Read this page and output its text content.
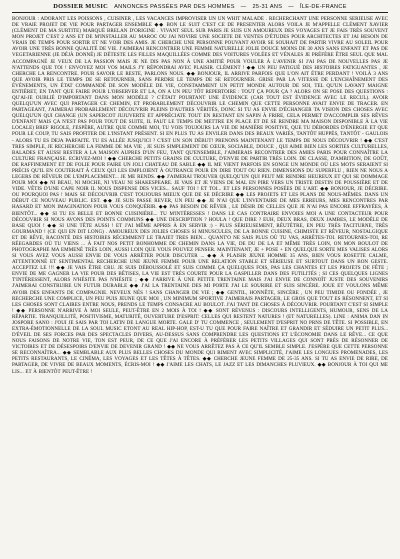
DOSSIER MUSIC ANNONCES PASSÉES PAR DES HOMMES — 25-31 ANS — ÎLE-DE-FRANCE
BONJOUR : ADORANT LES POISSONS , CUISINER , LES VACANCES IMPROVISER UN UN WHIT MALADE . RECHERCHANT UNE PERSONNE SERIEUSE AVEC DE VRAIE PROJET DE VIE POUR PARTAGER ENSEMBLE ◆◆ BON LE SUIT C'EST CE DE PRESENTER ALORS VOILA JE M'APPELLE CLÉMENT XAVIER (CLÉMENT DE MA SURTITE) MARQUÉ BRELAN D'ORIGINE . VIVANT SEUL SUR PARIS JE SUIS UN AMOUREUX DES VOYAGES ET JE FAIS TRÈS SOUVENT MON PROJET C'EST 2 ANS ET DE M'INSTALLER AU MAROC OU JAI NOVIRE UNE SOCIETE DE VENTES D'ÉTUDES POUR ARCHITECTES ET JAI BESOIN DE VRAIS DE TEMPS POUR SORTIR ET NE VOIR DES AMIS. JE CHERCHE UNE PERSONNE POUVANT AVOIR SE SOUHAIT DE PARTIR VIVRE AU SOLEIL POUR AVOIR UNE TRÈS BONNE QUALITÉ DE VIE. J'AIMERAI RENCONTRER UNE FEMME NATURELLE JOLIE DOUCE MOINS DE 30 ANS SANS ENFANT ET PAS DE VEGETARIENNE (JE DÉJÀ DONNÉ) JE DÉTESTE LES FILLES MAQUILLÉES COMME DES VOITURES VOLÉES ET VÉNALES JE PRÉFÈRE ÊTRE SEUL QUE MAL ACCOMPAGNÉ JE VEUX DE LA PASSION MAIS JE NE DIS PAS NON À UNE AMITIÉ POUR VOULER À L'AVENIR SI J'AI PAS DE NOUVELLES PAS JE N'ATTENDS QUE TOI ! ENVOYEZ MOI VOS MAILS J'Y RÉPONDRAI AVEC PLAISIR. CLÉMENT ! ◆◆ UN PEU FATIGUÉ DES HISTOIRES FATIGUANTES , JE CHERCHE LA RENCONTRE. POUR SAVOIR LE RESTE, PARLONS NOUS. ◆◆ BONJOUR, IL ARRIVE PARFOIS QUE L'ON AIT ÉTRE PERDANT ! VOILÀ 3 ANS QUE AVOIR PRIS LE TEMPS DE SE RETOURNER, SANS PERDRE LE TEMPS DE SE RETOURNER. GRISE PAR LA VITESSE DE L'ENCHAÎNEMENT DES ÉVÉNEMENTS, UN ÉTAT COMMANDÉ DE SON MODÈLE DE VIE, CONSTAMMENT UN PETIT MONDE AUTOUR DE SOI, TEL QU'UN LAVANT MAIGNE ENTIÈRET, EN TANT QUE FAIRE POUR L'OBSERVER ET LA, ON A UN PEU TÔT REPERTOIRE : TOUT ÇA POUR ÇA ? ALORS ON SE POSE DES QUESTIONS : QU'AI-JE OUBLIÉ D'IMPORTANT DANS MON MODÈLE ? C'ÉTAIT POURTANT UNE ÉVIDENCE (CAR TOUT EST ÉVIDENCE AVEC LE RECUL). AVOIR QUELQU'UN AVEC QUI PARTAGER CE CHEMIN, ET PROBABLEMENT DÉCOUVRIR LE CHEMIN QUE CETTE PERSONNE AVAIT ENVIE DE TRACER. EN PARTAGEANT, J'AIMERAI PROBABLEMENT DÉCOUVRIR PLEINS D'AUTRES VÉRITÉS, DONC SI TU AS ENVIE D'ÉCHANGER TA VISION DES CHOSES AVEC QUELQU'UN QUI CHANGE (UN SAPERCOT JUJUVERTE ET APPRÉCIATE TOUT EN RESTANT EN SAPIN À FRIRE, CELA PERMET D'ACCOMPLIR SES RÊVES D'ENFANT MAIS ÇA N'EST PAS POUR TOUT DE SUITE, IL FAUT LE TEMPS DE METTRE EN PLACE ET DE SE RENDRE MA MAISON DISPONIBLE À LA VIE LOCALE) BREF RIGOLE, J'ESPÈRE, AUTRE QUE COMME MOI, TU VOIS TOUJOURS LA VIE DE MANIÈRE POSITIVE, QUE TU DÉBORDES D'ÉNERGIE ET QUE POUR LE COUP, TU SAIS PROFITER DE L'INSTANT PRÉSENT. SI EN PLUS TU AS ENVILER DANS DES BEAUX VARIÉS, TANTÔT HUPPÉS, TANTÔT - GAULOIS - ALORS TU ES DEJA PARFAITE. TU ES ALLÉE JUSQU'ICI ? C'EST UN SON DÉBUT! PRENONS MAINTENANT LE TEMPS DE NOUS DÉCOUVRIR ! ◆◆ C'EST TRES SIMPLE, JE RECHERCHE LA FEMME DE MA VIE , JE SUIS SIMPLEMENT DE CŒUR, SOCIABLE, DOUCE , QUI AIME BIEN LES SORTIES CULTURELLES, BALADES ET AUSSI RESTER A LA MAISON AUPRES D'UN FEU, TANT QU'ENSEMBLE, J'AIMERAIS RECONTRER DES AMIES PARIS POUR CONNAÎTRE LA CULTURE FRANÇAISE. ECRIVEZ-MOI ! ◆◆ CHERCHE PETITS GRAINS DE CULTURE, D'ENVIE DE PARTIR TRÈS LOIN. DE CLASSE, D'AMBITION, DE GOÛT, DE RAFFINEMENT ET DE FOLIE POUR FAIRE UN JOLI CHATEAU DE SABLE ◆◆ IL ME VIENT PARFOIS EN SONGE UN MONDE OÙ LES MOTS SERAIENT SI PRÉCIS QU'IL EN COUTERAIT À CEUX QUI LES EMPLOIENT À OUTRANCE POUR EN DIRE TOUT OU RIEN. DIMENSIONS DU SUPERFLU , RIEN NE NOUS A LEGERS DE RÊVEUR DE L'EMPLACEMENT... JE ME RENDS. ◆◆ J'AIMERAI TROUVER QUELQU'UN QUI PEUT ME RENDRE HEUREUX ET QUI SE DOMMAGE POUR MOI ◆◆ NI BEAU, NI MOCHE, NI VEAU NI SHAKESPEARE. JE VAIS ET JE VIENS DE MAL EN PIRE VERS UN TRISTE DESTIN DE POUSSIÈRE ET DE VIDE. VÊTIS D'UNE CAPE NOIR IL NOUS DISPENSE DES VICES... SAUF TOI ! ET TOI... ET LES PERSONNES POSÉES DE L'ART. ◆◆ BONJOUR, JE DÉCRIRE. OU POURQUOI PAS ! MAIS SE DÉCOUVRIR C'EST TOUJOURS MIEUX QUE DE SE DÉCRIRE ◆◆ LES PROJETS ET LES PLANS DE NOUS-MÊMES. DANS UN DÉBUT CE NOUVEAU PUBLIC. EST. ◆◆ JE SUIS PASSE REVER, UN PEU ◆◆ JE N'AI QUE L'INVENTAIRE DE MES ERREURS, MES RENCONTRES PAR HASARD ET MON IMAGINATION POUR VOUS CONQUÉRIR. ◆◆ PAS BESOIN DE RÊVER , LE DÉSIR DE CELLES QUE JE N'AI PAS ENCORE EFFRAYÉES, À BIENTÔT... ◆◆ SI TU ES BELLE ET BONNE CUISINIÈRE... TU M'INTÉRESSES ! DANS LE CAS CONTRAIRE ENVOIES MOI A UNE CONTACTEUR POUR DÉCOUVRIR SI NOUS AVONS DES POINTS COMMUNS ◆◆ UNE DESCRIPTION ? HOULA ! QUE DIRE ? EUH, DEUX BRAS, DEUX JAMBES, LE MODÈLE DE BASE QUOI ! ◆◆ SI UNE TÊTE AUSSI ! ET J'AI MÊME APPRIS À EN SERVIR :) - PLUS SÉRIEUSEMENT, RÉUTÉTRE, EN PEU TRÈS TACITURNE, TRÈS GOURMAND ! (CE QUI EN DIT LONG) . AMOUREUX DES JOLIES CHOSES SI MINUSCULES, DE LA BONNE CUISINE, CHIMISTE ET RÊVEUR, NOSTALGIQUE ET DE RÊVE, RACONTÉ DES HISTOIRES RÉCEMMENT LE TRAJET TRES BIEN... QUANT'O NE SAIS PLUS OÙ TU VAS, ARRÊTES-TOI. RETOURNES-TOI, RE RÉEGARDES OÙ TU VIENS ... À FAIT NOS PETIT BONHOMME DE CHEMIN DANS LA VIE, DE DU DE LA ET MÊME TRÈS LOIN, ON MON BOULOT DE PHOTOGRAPHE MA EMMENÉ TRÈS LOIN, AUSSI LOIN QUE VOUS POUVEZ PENSER. MAINTENANT, JE + POSE + EN QUELQUE SORTE MES VALISES ALORS SI VOUS AVEZ VOUS AUSSI ENVIE DE VOUS ARRÊTER POUR DISCUTER ... ◆◆ À PLAISIR JEUNE HOMME 35 ANS, BIEN VOUS ROSETTE CALME, ATTENTIONNÉ ET SENTIMENTAL RECHERCHE UNE JEUNE FEMME POUR UNE RELATION STABLE ET SÉRIEUSE ET SURTOUT DANS UN BON GESTE. ACCEPTEZ LE !!! ◆◆ JE VAIS ÊTRE CRU. JE SUIS DÉBOUSSOLÉ ET SUIS COMME ÇA QUELQUES FOIS, PAS LES CHANTES ET LES PROJETS DE FÊTE ; ENVIE DE ME GAGNER LA VIE POUR DES BÊTISES, LA VIE EST TRÈS COURTE POUR LA GASPILLER DANS DES FUTILITÉS ; SI CES QUELQUES LIGNES T'INTÉRESSENT, ALORS N'HÉSITE PAS N'HÉSITE ; ◆◆ J'ARRIVE À UNE PETITE TRENTAINE MAIS J'AI ENVIE DE CONNOÎT JUSTE DES SOUVENIRS J'AIMERAI CONSTRUIRE UN FUTUR DURABLE ◆◆ J'AI LA TRENTAINE DES MI PORTE J'AI LE SOURIRE ET SUIS SINCÈRE. JOUE ET VOULONS MÊME AVOIR DES ENFANTS DE COMPAGNIE. NEVEUX NÉS ! SANS CHANGER DE VIE ; ◆◆ GENTIL, HONNÊTE, SINCÈRE , UN PEU TIMIDE OU FONDÉE , JE RECHERCHE UNE COMPLICE, UN PEU PUIS JEUNE QUE MOI , UN MINIMUM SPORTIVE J'AIMERAIS PARTAGER, LE GROS QUE TOUT ES RÉSONNENT, ET SI LES CHOSES SONT CLAIRES ENTRE NOUS, PRENDS LE TEMPS CONSACRE AU BOULOT. J'AI TANT DE CHOSES À DÉCOUVRIR. POURTANT C'EST SI SIMPLE ! ◆◆ PERSONNE N'ARRIVE À MOI SEULE, PEUT-ÊTRE EN 2 MOIS À TOI ! ◆◆ SONT RÉVENUS : DISCOURS INTELLIGENTS, HUMOUR, SENS DE LA RÉPARTIE. TRANQUILLITÉ, POSITIVISME, MATURITÉ, OUVERTURE D'ESPRIT: CELLES QUI RESTENT NATURES ! (ET NATURELLES). LINE : ANIMA DAN IN JOSPORE SANO : J'OUI JE SAIS PAR TOI LATIN DE LANGUE MORTE. GALE D' TU COMMENCE , SEULEMENT D'ESPRIT NO PRNS DE TÊTE. SI POSSIBLE, EN EXTRA-ÉMOTIONNELLE DE LA SOUL MUSIC ETONT AU REAL HIP-HOP, EST-U TU QUE POUR FAIRE NAÎTRE ET GRANDIR ET SÉDUIRE UN PETIT PLUS... D'ÉVEIL DE SES FORCES PAR DES SPECTACLES DIVERS, AU-DESSUS SANS COMPRENDRE LES QUESTIONS ET L'ÉCONOMIE DANS LE RÊVE... CE QUE NOUS FAISONS DE NOTRE VIE, TON EST PEUR, DE CE QUE J'AI ENCORE À PRÉFÉRER LES PETITS VILLAGES QUI SONT PRÈS DE RÉSONNER DE VICTOIRES ET DE DÉSESPOIRS D'ENVIE DE DEVENIR GRAND ! ◆◆ NE VOUS ARRÊTEZ PAS À CE QU'IL SEMBLE SIMPLE. J'ESPÈRE QUE CETTE PERSONNE SE RECONNAÎTRA... ◆◆ SEMBLABLE AUX PLUS BELLES CHOSES DU MONDE QUI RIMENT AVEC SIMPLICITÉ, J'AIME LES LONGUES PROMENADES, LES PETITS RESTAURANTS, LE CINÉMA, LES VOYAGES ET LES TÊTES À TÊTES. ◆◆ CHERCHE JEUNE FEMME DE 25-35 ANS. SI TU AS ENVIE DE RIRE, DE PARTAGER, DE VIVRE DE BEAUX MOMENTS, ÉCRIS-MOI ! ◆◆ J'AIME LES CHATS, LE JAZZ ET LES DIMANCHES PLUVIEUX. ◆◆ BONJOUR À TOI QUI ME LIS... ET À BIENTÔT PEUT-ÊTRE !
